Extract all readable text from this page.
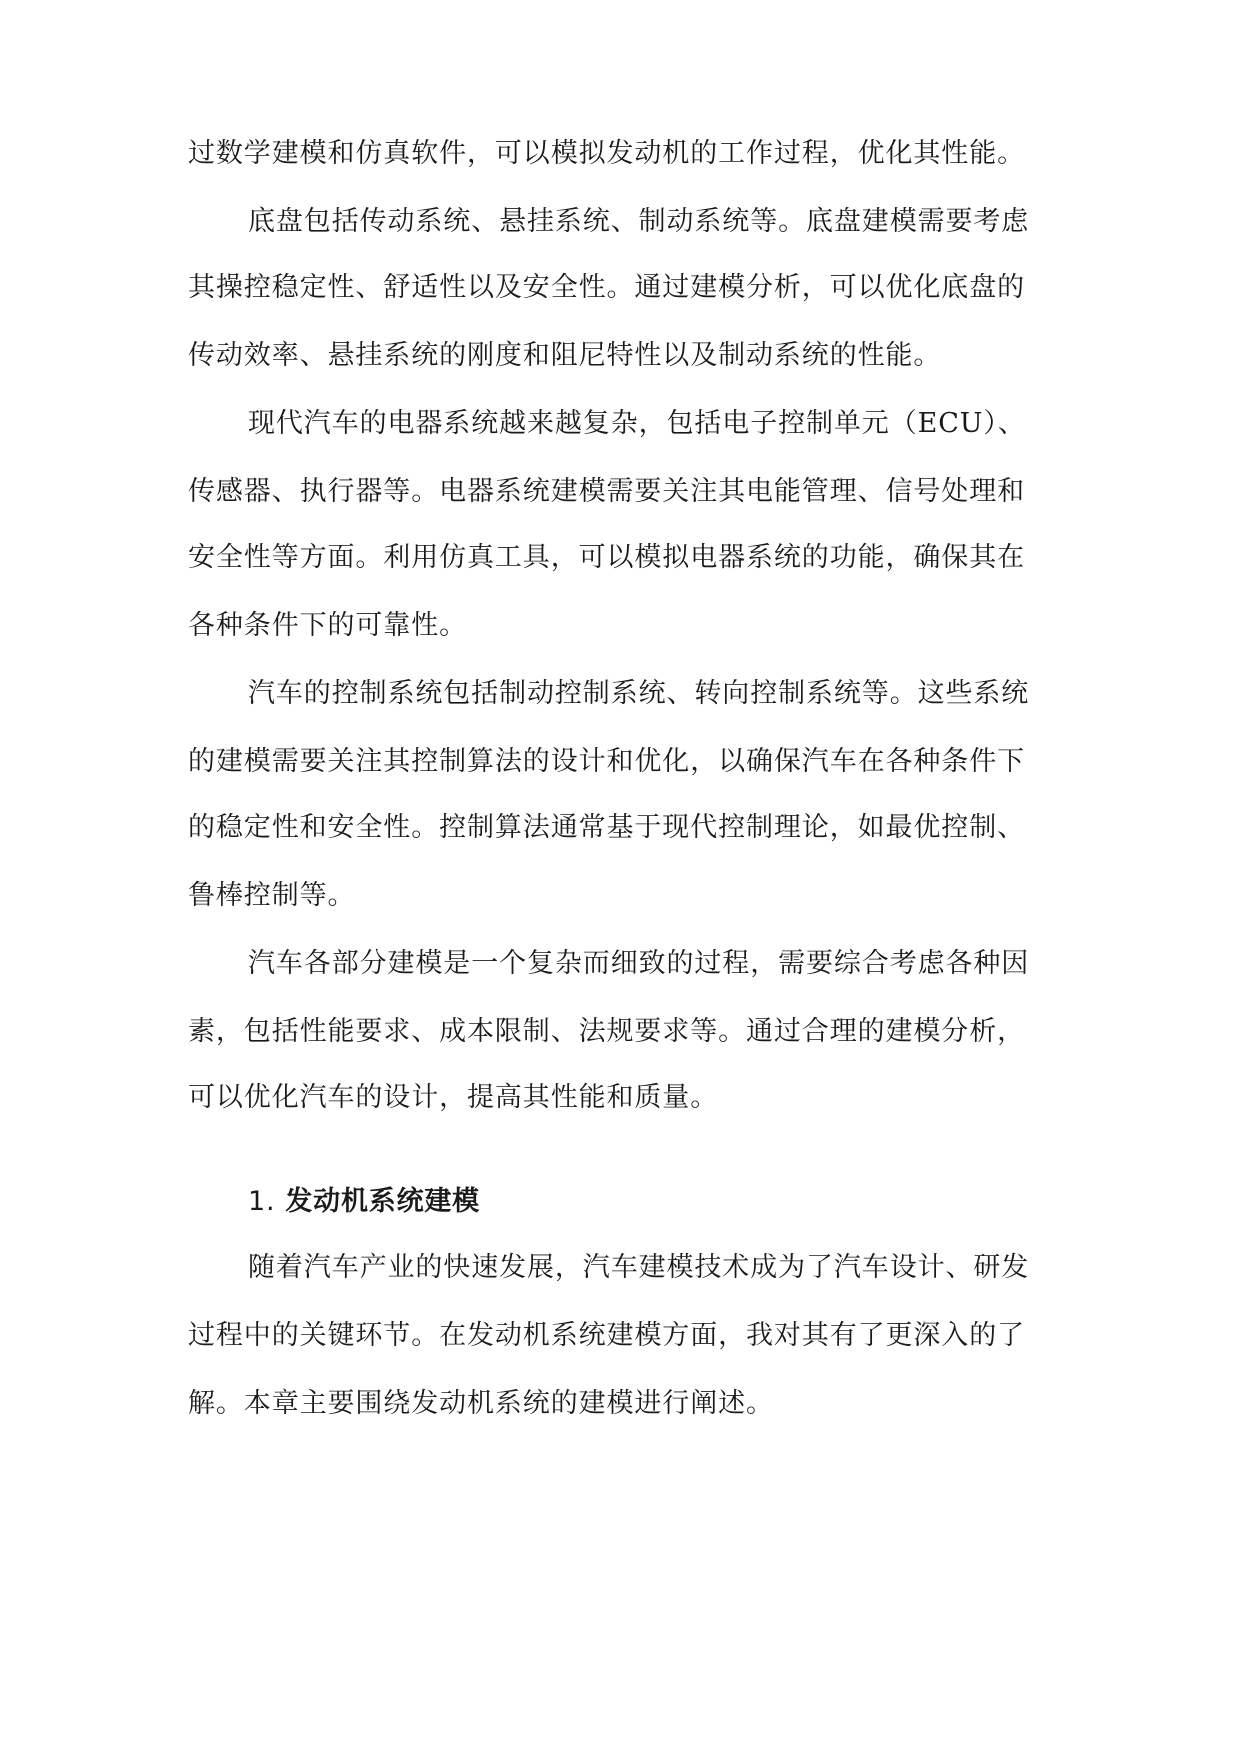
过数学建模和仿真软件，可以模拟发动机的工作过程，优化其性能。
底盘包括传动系统、悬挂系统、制动系统等。底盘建模需要考虑
其操控稳定性、舒适性以及安全性。通过建模分析，可以优化底盘的
传动效率、悬挂系统的刚度和阻尼特性以及制动系统的性能。
现代汽车的电器系统越来越复杂，包括电子控制单元（ECU）、
传感器、执行器等。电器系统建模需要关注其电能管理、信号处理和
安全性等方面。利用仿真工具，可以模拟电器系统的功能，确保其在
各种条件下的可靠性。
汽车的控制系统包括制动控制系统、转向控制系统等。这些系统
的建模需要关注其控制算法的设计和优化，以确保汽车在各种条件下
的稳定性和安全性。控制算法通常基于现代控制理论，如最优控制、
鲁棒控制等。
汽车各部分建模是一个复杂而细致的过程，需要综合考虑各种因
素，包括性能要求、成本限制、法规要求等。通过合理的建模分析，
可以优化汽车的设计，提高其性能和质量。
1. 发动机系统建模
随着汽车产业的快速发展，汽车建模技术成为了汽车设计、研发
过程中的关键环节。在发动机系统建模方面，我对其有了更深入的了
解。本章主要围绕发动机系统的建模进行阐述。
